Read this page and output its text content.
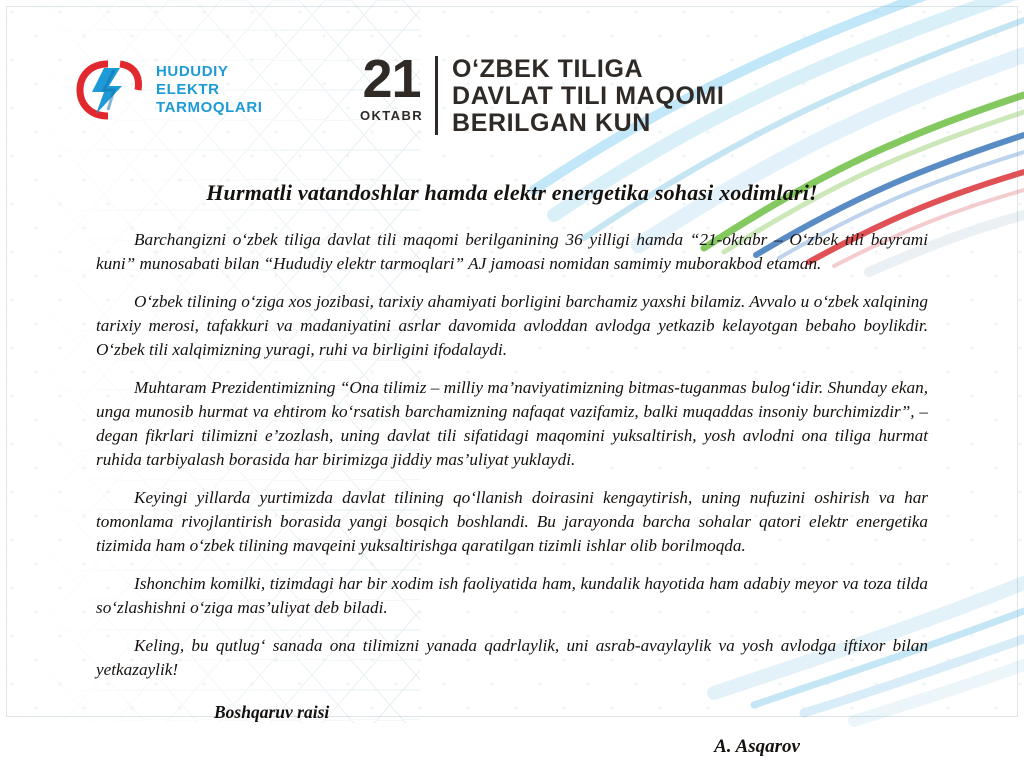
HUDUDIY
ELEKTR
TARMOQLARI 21
OKTABR
O‘ZBEK TILIGA
DAVLAT TILI MAQOMI
BERILGAN KUN
Hurmatli vatandoshlar hamda elektr energetika sohasi xodimlari!

Barchangizni o‘zbek tiliga davlat tili maqomi berilganining 36 yilligi hamda “21-oktabr – O‘zbek tili bayrami kuni” munosabati bilan “Hududiy elektr tarmoqlari” AJ jamoasi nomidan samimiy muborakbod etaman.

O‘zbek tilining o‘ziga xos jozibasi, tarixiy ahamiyati borligini barchamiz yaxshi bilamiz. Avvalo u o‘zbek xalqining tarixiy merosi, tafakkuri va madaniyatini asrlar davomida avloddan avlodga yetkazib kelayotgan bebaho boylikdir. O‘zbek tili xalqimizning yuragi, ruhi va birligini ifodalaydi.

Muhtaram Prezidentimizning “Ona tilimiz – milliy ma’naviyatimizning bitmas-tuganmas bulog‘idir. Shunday ekan, unga munosib hurmat va ehtirom ko‘rsatish barchamizning nafaqat vazifamiz, balki muqaddas insoniy burchimizdir”, – degan fikrlari tilimizni e’zozlash, uning davlat tili sifatidagi maqomini yuksaltirish, yosh avlodni ona tiliga hurmat ruhida tarbiyalash borasida har birimizga jiddiy mas’uliyat yuklaydi.

Keyingi yillarda yurtimizda davlat tilining qo‘llanish doirasini kengaytirish, uning nufuzini oshirish va har tomonlama rivojlantirish borasida yangi bosqich boshlandi. Bu jarayonda barcha sohalar qatori elektr energetika tizimida ham o‘zbek tilining mavqeini yuksaltirishga qaratilgan tizimli ishlar olib borilmoqda.

Ishonchim komilki, tizimdagi har bir xodim ish faoliyatida ham, kundalik hayotida ham adabiy meyor va toza tilda so‘zlashishni o‘ziga mas’uliyat deb biladi.

Keling, bu qutlug‘ sanada ona tilimizni yanada qadrlaylik, uni asrab-avaylaylik va yosh avlodga iftixor bilan yetkazaylik!

Boshqaruv raisi
A. Asqarov
